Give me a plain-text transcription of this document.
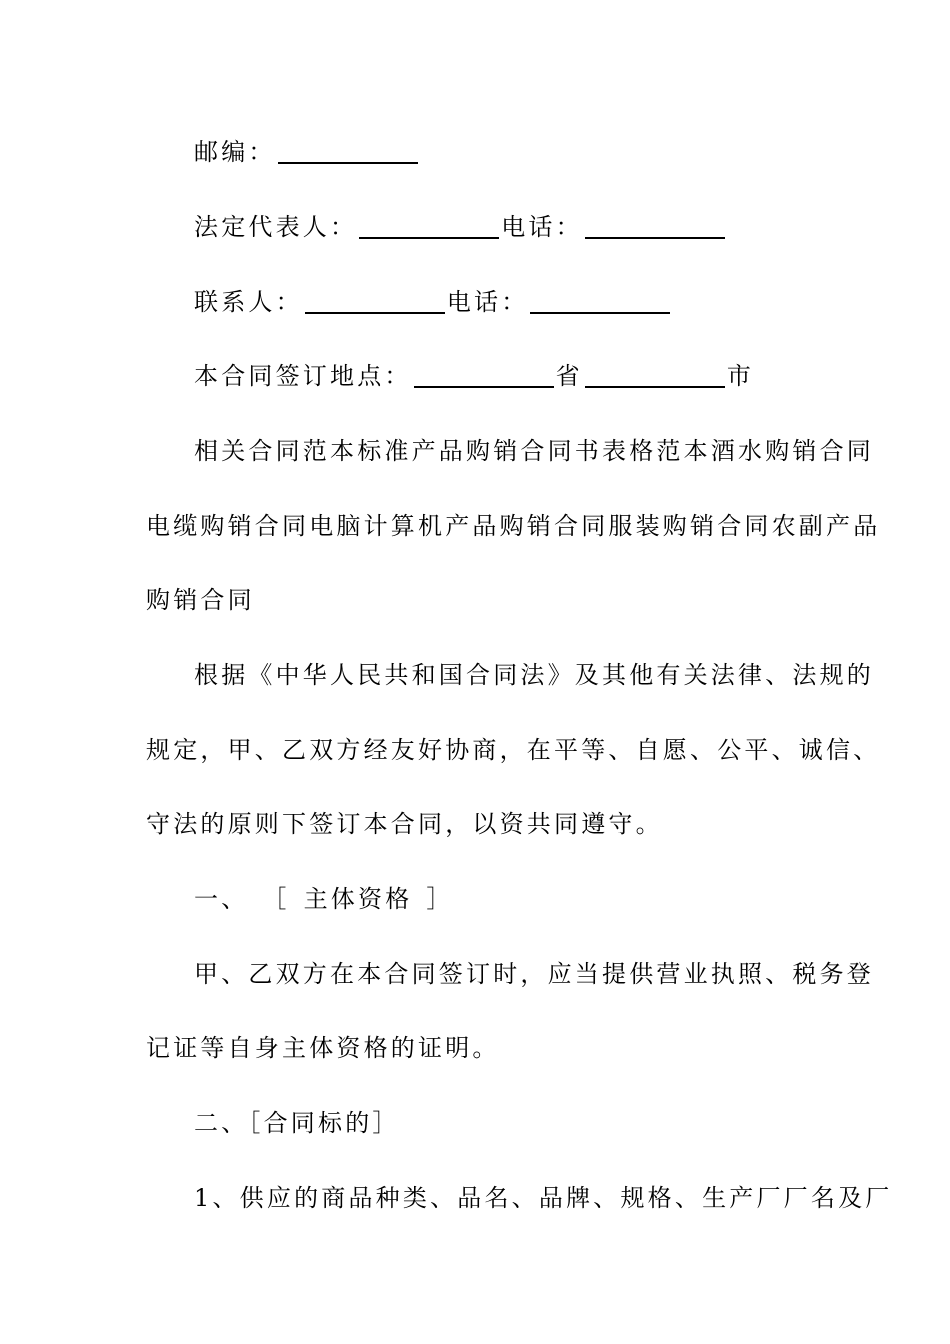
邮编：
法定代表人：	电话：
联系人：	电话：
本合同签订地点：	省	市
相关合同范本标准产品购销合同书表格范本酒水购销合同
电缆购销合同电脑计算机产品购销合同服装购销合同农副产品
购销合同
根据《中华人民共和国合同法》及其他有关法律、法规的
规定，甲、乙双方经友好协商，在平等、自愿、公平、诚信、
守法的原则下签订本合同，以资共同遵守。
一、 ［ 主体资格 ］
甲、乙双方在本合同签订时，应当提供营业执照、税务登
记证等自身主体资格的证明。
二、［合同标的］
1、供应的商品种类、品名、品牌、规格、生产厂厂名及厂
